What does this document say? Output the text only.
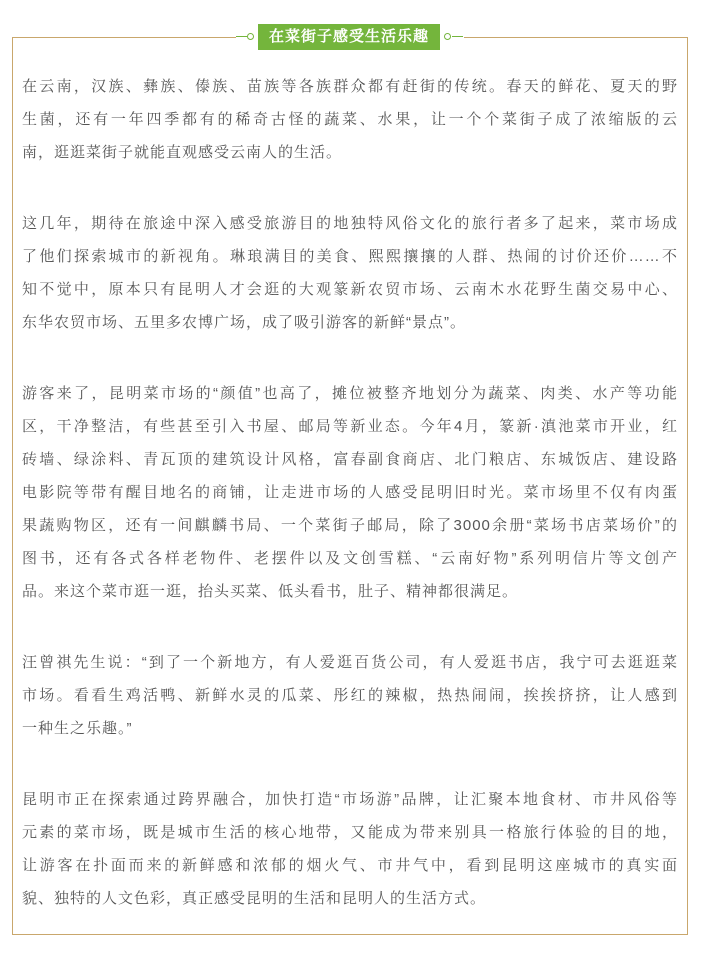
在云南，汉族、彝族、傣族、苗族等各族群众都有赶街的传统。春天的鲜花、夏天的野
生菌，还有一年四季都有的稀奇古怪的蔬菜、水果，让一个个菜街子成了浓缩版的云
南，逛逛菜街子就能直观感受云南人的生活。
这几年，期待在旅途中深入感受旅游目的地独特风俗文化的旅行者多了起来，菜市场成
了他们探索城市的新视角。琳琅满目的美食、熙熙攘攘的人群、热闹的讨价还价……不
知不觉中，原本只有昆明人才会逛的大观篆新农贸市场、云南木水花野生菌交易中心、
东华农贸市场、五里多农博广场，成了吸引游客的新鲜“景点”。
游客来了，昆明菜市场的“颜值”也高了，摊位被整齐地划分为蔬菜、肉类、水产等功能
区，干净整洁，有些甚至引入书屋、邮局等新业态。今年4月，篆新·滇池菜市开业，红
砖墙、绿涂料、青瓦顶的建筑设计风格，富春副食商店、北门粮店、东城饭店、建设路
电影院等带有醒目地名的商铺，让走进市场的人感受昆明旧时光。菜市场里不仅有肉蛋
果蔬购物区，还有一间麒麟书局、一个菜街子邮局，除了3000余册“菜场书店菜场价”的
图书，还有各式各样老物件、老摆件以及文创雪糕、“云南好物”系列明信片等文创产
品。来这个菜市逛一逛，抬头买菜、低头看书，肚子、精神都很满足。
汪曾祺先生说：“到了一个新地方，有人爱逛百货公司，有人爱逛书店，我宁可去逛逛菜
市场。看看生鸡活鸭、新鲜水灵的瓜菜、彤红的辣椒，热热闹闹，挨挨挤挤，让人感到
一种生之乐趣。”
昆明市正在探索通过跨界融合，加快打造“市场游”品牌，让汇聚本地食材、市井风俗等
元素的菜市场，既是城市生活的核心地带，又能成为带来别具一格旅行体验的目的地，
让游客在扑面而来的新鲜感和浓郁的烟火气、市井气中，看到昆明这座城市的真实面
貌、独特的人文色彩，真正感受昆明的生活和昆明人的生活方式。
在菜街子感受生活乐趣
